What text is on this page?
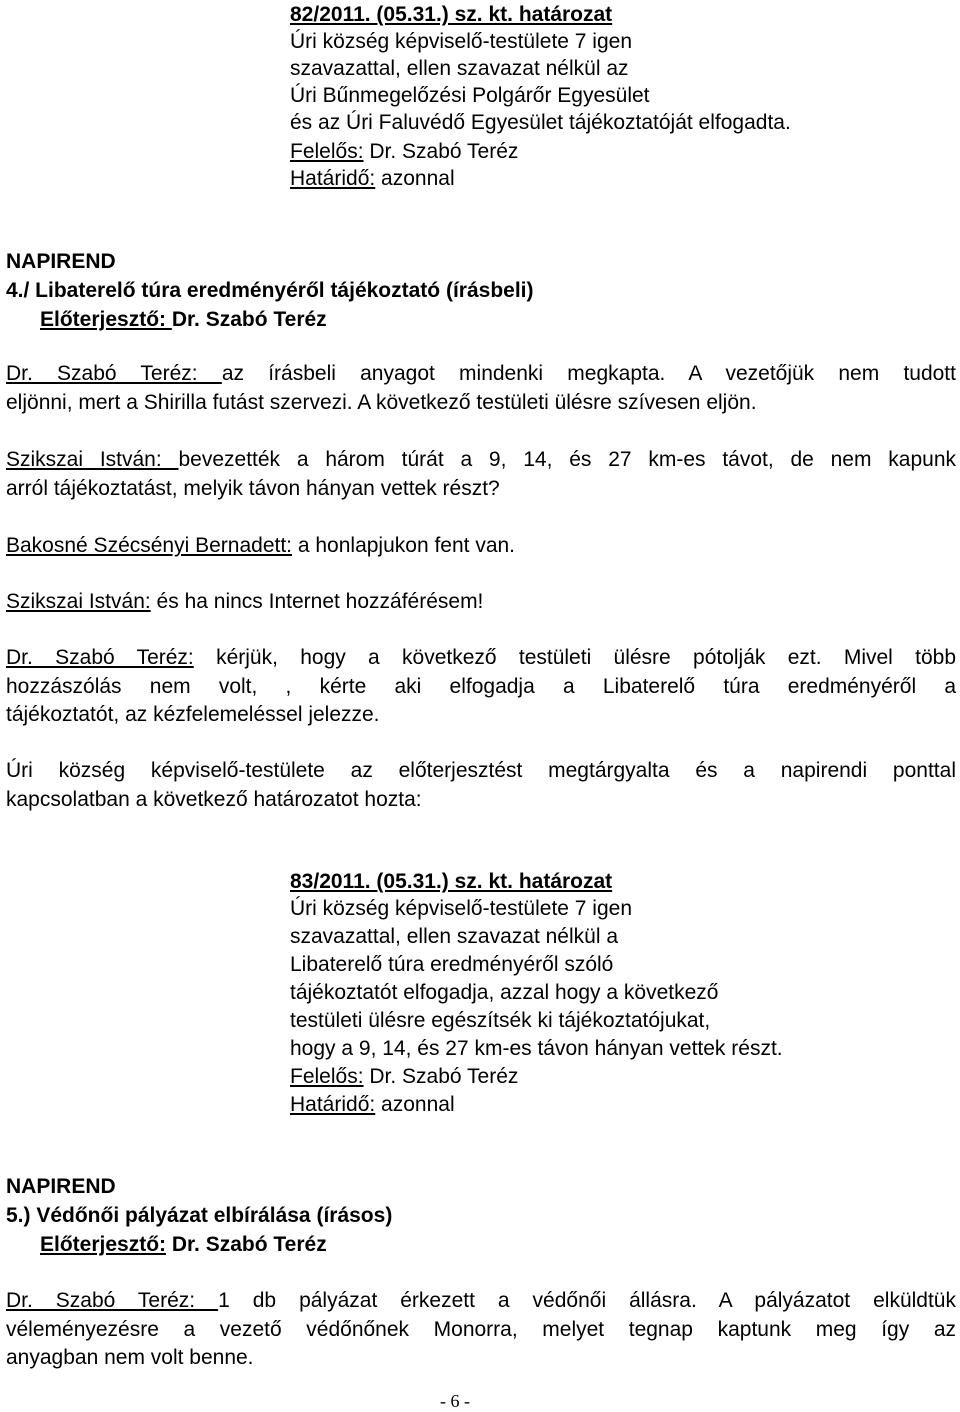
82/2011. (05.31.) sz. kt. határozat
Úri község képviselő-testülete 7 igen
szavazattal, ellen szavazat nélkül az
Úri Bűnmegelőzési Polgárőr Egyesület
és az Úri Faluvédő Egyesület tájékoztatóját elfogadta.
Felelős: Dr. Szabó Teréz
Határidő: azonnal
NAPIREND
4./ Libaterelő túra eredményéről tájékoztató (írásbeli)
Előterjesztő: Dr. Szabó Teréz
Dr. Szabó Teréz: az írásbeli anyagot mindenki megkapta. A vezetőjük nem tudott
eljönni, mert a Shirilla futást szervezi. A következő testületi ülésre szívesen eljön.
Szikszai István: bevezették a három túrát a 9, 14, és 27 km-es távot, de nem kapunk
arról tájékoztatást, melyik távon hányan vettek részt?
Bakosné Szécsényi Bernadett: a honlapjukon fent van.
Szikszai István: és ha nincs Internet hozzáférésem!
Dr. Szabó Teréz: kérjük, hogy a következő testületi ülésre pótolják ezt. Mivel több
hozzászólás nem volt, , kérte aki elfogadja a Libaterelő túra eredményéről a
tájékoztatót, az kézfelemeléssel jelezze.
Úri község képviselő-testülete az előterjesztést megtárgyalta és a napirendi ponttal
kapcsolatban a következő határozatot hozta:
83/2011. (05.31.) sz. kt. határozat
Úri község képviselő-testülete 7 igen
szavazattal, ellen szavazat nélkül a
Libaterelő túra eredményéről szóló
tájékoztatót elfogadja, azzal hogy a következő
testületi ülésre egészítsék ki tájékoztatójukat,
hogy a 9, 14, és 27 km-es távon hányan vettek részt.
Felelős: Dr. Szabó Teréz
Határidő: azonnal
NAPIREND
5.) Védőnői pályázat elbírálása (írásos)
Előterjesztő: Dr. Szabó Teréz
Dr. Szabó Teréz: 1 db pályázat érkezett a védőnői állásra. A pályázatot elküldtük
véleményezésre a vezető védőnőnek Monorra, melyet tegnap kaptunk meg így az
anyagban nem volt benne.
- 6 -
